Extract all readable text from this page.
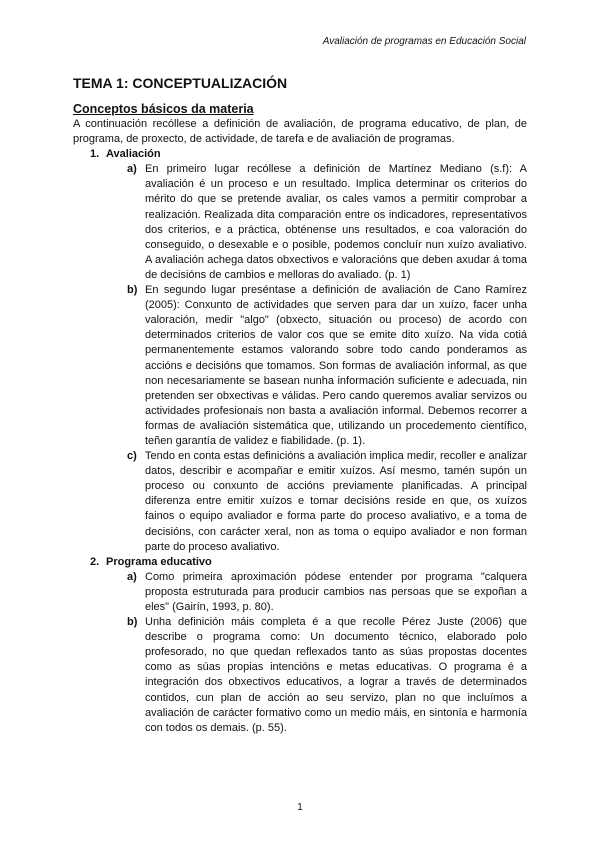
Avaliación de programas en Educación Social
TEMA 1: CONCEPTUALIZACIÓN
Conceptos básicos da materia

A continuación recóllese a definición de avaliación, de programa educativo, de plan, de programa, de proxecto, de actividade, de tarefa e de avaliación de programas.

1. Avaliación
a) En primeiro lugar recóllese a definición de Martínez Mediano (s.f): A avaliación é un proceso e un resultado. Implica determinar os criterios do mérito do que se pretende avaliar, os cales vamos a permitir comprobar a realización. Realizada dita comparación entre os indicadores, representativos dos criterios, e a práctica, obténense uns resultados, e coa valoración do conseguido, o desexable e o posible, podemos concluír nun xuízo avaliativo. A avaliación achega datos obxectivos e valoracións que deben axudar á toma de decisións de cambios e melloras do avaliado. (p. 1)
b) En segundo lugar preséntase a definición de avaliación de Cano Ramírez (2005): Conxunto de actividades que serven para dar un xuízo, facer unha valoración, medir "algo" (obxecto, situación ou proceso) de acordo con determinados criterios de valor cos que se emite dito xuízo. Na vida cotiá permanentemente estamos valorando sobre todo cando ponderamos as accións e decisións que tomamos. Son formas de avaliación informal, as que non necesariamente se basean nunha información suficiente e adecuada, nin pretenden ser obxectivas e válidas. Pero cando queremos avaliar servizos ou actividades profesionais non basta a avaliación informal. Debemos recorrer a formas de avaliación sistemática que, utilizando un procedemento científico, teñen garantía de validez e fiabilidade. (p. 1).
c) Tendo en conta estas definicións a avaliación implica medir, recoller e analizar datos, describir e acompañar e emitir xuízos. Así mesmo, tamén supón un proceso ou conxunto de accións previamente planificadas. A principal diferenza entre emitir xuízos e tomar decisións reside en que, os xuízos fainos o equipo avaliador e forma parte do proceso avaliativo, e a toma de decisións, con carácter xeral, non as toma o equipo avaliador e non forman parte do proceso avaliativo.
2. Programa educativo
a) Como primeira aproximación pódese entender por programa "calquera proposta estruturada para producir cambios nas persoas que se expoñan a eles" (Gairín, 1993, p. 80).
b) Unha definición máis completa é a que recolle Pérez Juste (2006) que describe o programa como: Un documento técnico, elaborado polo profesorado, no que quedan reflexados tanto as súas propostas docentes como as súas propias intencións e metas educativas. O programa é a integración dos obxectivos educativos, a lograr a través de determinados contidos, cun plan de acción ao seu servizo, plan no que incluímos a avaliación de carácter formativo como un medio máis, en sintonía e harmonía con todos os demais. (p. 55).
1
